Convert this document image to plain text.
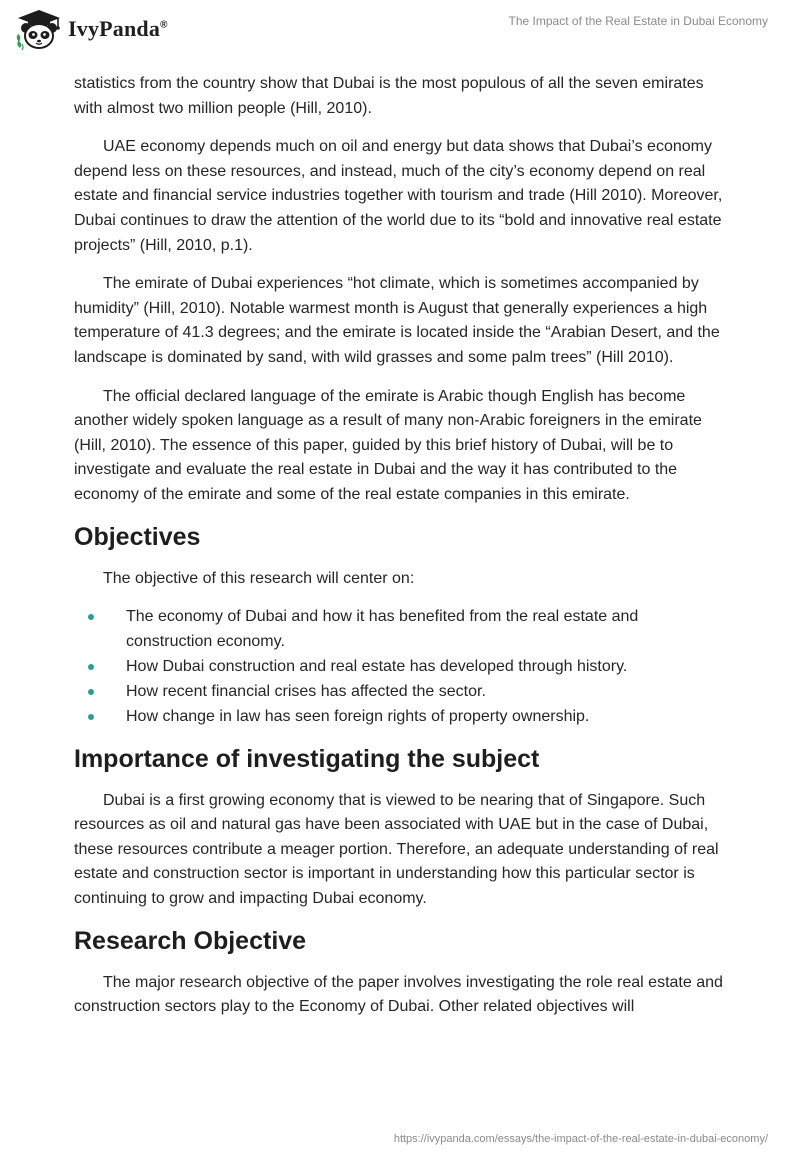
IvyPanda®	The Impact of the Real Estate in Dubai Economy

statistics from the country show that Dubai is the most populous of all the seven emirates with almost two million people (Hill, 2010).

UAE economy depends much on oil and energy but data shows that Dubai’s economy depend less on these resources, and instead, much of the city’s economy depend on real estate and financial service industries together with tourism and trade (Hill 2010). Moreover, Dubai continues to draw the attention of the world due to its “bold and innovative real estate projects” (Hill, 2010, p.1).

The emirate of Dubai experiences “hot climate, which is sometimes accompanied by humidity” (Hill, 2010). Notable warmest month is August that generally experiences a high temperature of 41.3 degrees; and the emirate is located inside the “Arabian Desert, and the landscape is dominated by sand, with wild grasses and some palm trees” (Hill 2010).

The official declared language of the emirate is Arabic though English has become another widely spoken language as a result of many non-Arabic foreigners in the emirate (Hill, 2010). The essence of this paper, guided by this brief history of Dubai, will be to investigate and evaluate the real estate in Dubai and the way it has contributed to the economy of the emirate and some of the real estate companies in this emirate.

Objectives

The objective of this research will center on:

The economy of Dubai and how it has benefited from the real estate and construction economy.
How Dubai construction and real estate has developed through history.
How recent financial crises has affected the sector.
How change in law has seen foreign rights of property ownership.
Importance of investigating the subject

Dubai is a first growing economy that is viewed to be nearing that of Singapore. Such resources as oil and natural gas have been associated with UAE but in the case of Dubai, these resources contribute a meager portion. Therefore, an adequate understanding of real estate and construction sector is important in understanding how this particular sector is continuing to grow and impacting Dubai economy.

Research Objective

The major research objective of the paper involves investigating the role real estate and construction sectors play to the Economy of Dubai. Other related objectives will

https://ivypanda.com/essays/the-impact-of-the-real-estate-in-dubai-economy/
